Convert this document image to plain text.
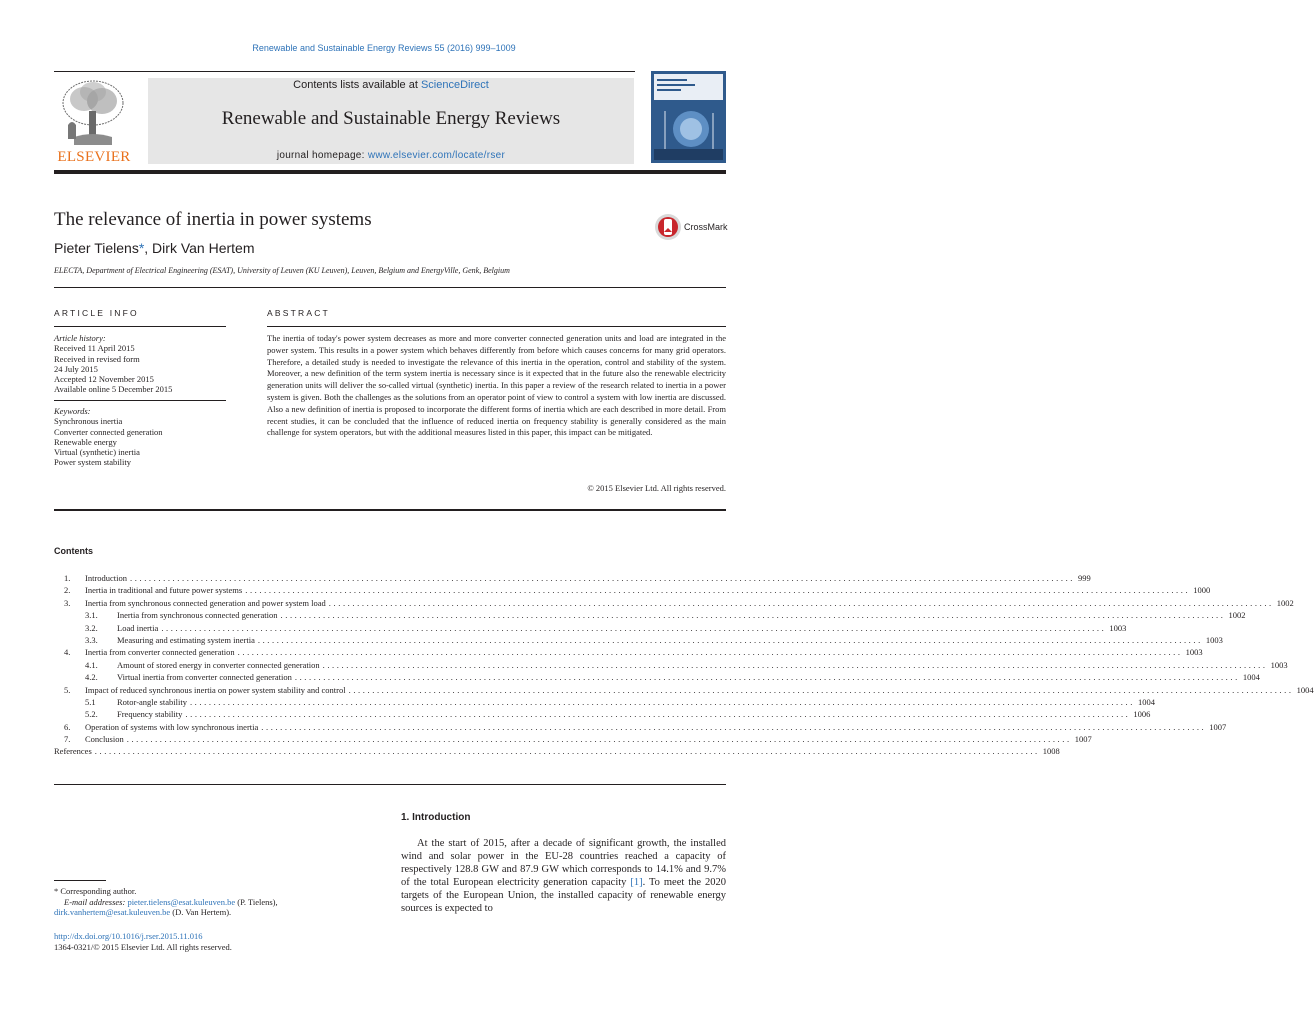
Renewable and Sustainable Energy Reviews 55 (2016) 999–1009
ELSEVIER
Contents lists available at ScienceDirect
Renewable and Sustainable Energy Reviews
journal homepage: www.elsevier.com/locate/rser
The relevance of inertia in power systems
Pieter Tielens*, Dirk Van Hertem
ELECTA, Department of Electrical Engineering (ESAT), University of Leuven (KU Leuven), Leuven, Belgium and EnergyVille, Genk, Belgium
CrossMark
ARTICLE INFO
Article history:
Received 11 April 2015
Received in revised form
24 July 2015
Accepted 12 November 2015
Available online 5 December 2015
Keywords:
Synchronous inertia
Converter connected generation
Renewable energy
Virtual (synthetic) inertia
Power system stability
ABSTRACT
The inertia of today's power system decreases as more and more converter connected generation units and load are integrated in the power system. This results in a power system which behaves differently from before which causes concerns for many grid operators. Therefore, a detailed study is needed to investigate the relevance of this inertia in the operation, control and stability of the system. Moreover, a new definition of the term system inertia is necessary since is it expected that in the future also the renewable electricity generation units will deliver the so-called virtual (synthetic) inertia. In this paper a review of the research related to inertia in a power system is given. Both the challenges as the solutions from an operator point of view to control a system with low inertia are discussed. Also a new definition of inertia is proposed to incorporate the different forms of inertia which are each described in more detail. From recent studies, it can be concluded that the influence of reduced inertia on frequency stability is generally considered as the main challenge for system operators, but with the additional measures listed in this paper, this impact can be mitigated.
© 2015 Elsevier Ltd. All rights reserved.
Contents
1.	Introduction ........................................................................................................................................................................................................ 999
2.	Inertia in traditional and future power systems ........................................................................................................................................................................................................ 1000
3.	Inertia from synchronous connected generation and power system load ........................................................................................................................................................................................................ 1002
3.1.	Inertia from synchronous connected generation ........................................................................................................................................................................................................ 1002
3.2.	Load inertia ........................................................................................................................................................................................................ 1003
3.3.	Measuring and estimating system inertia ........................................................................................................................................................................................................ 1003
4.	Inertia from converter connected generation ........................................................................................................................................................................................................ 1003
4.1.	Amount of stored energy in converter connected generation ........................................................................................................................................................................................................ 1003
4.2.	Virtual inertia from converter connected generation ........................................................................................................................................................................................................ 1004
5.	Impact of reduced synchronous inertia on power system stability and control ........................................................................................................................................................................................................ 1004
5.1	Rotor-angle stability ........................................................................................................................................................................................................ 1004
5.2.	Frequency stability ........................................................................................................................................................................................................ 1006
6.	Operation of systems with low synchronous inertia ........................................................................................................................................................................................................ 1007
7.	Conclusion ........................................................................................................................................................................................................ 1007
References ........................................................................................................................................................................................................ 1008
1. Introduction
At the start of 2015, after a decade of significant growth, the installed wind and solar power in the EU-28 countries reached a capacity of respectively 128.8 GW and 87.9 GW which corresponds to 14.1% and 9.7% of the total European electricity generation capacity [1]. To meet the 2020 targets of the European Union, the installed capacity of renewable energy sources is expected to
* Corresponding author.
E-mail addresses: pieter.tielens@esat.kuleuven.be (P. Tielens),
dirk.vanhertem@esat.kuleuven.be (D. Van Hertem).
http://dx.doi.org/10.1016/j.rser.2015.11.016
1364-0321/© 2015 Elsevier Ltd. All rights reserved.
